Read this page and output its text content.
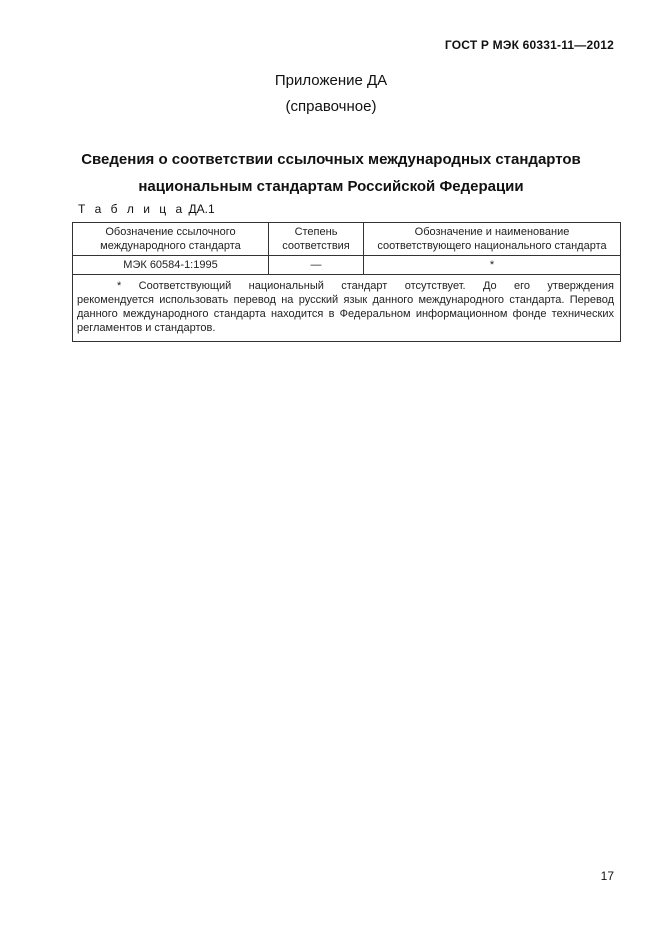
ГОСТ Р МЭК 60331-11—2012
Приложение ДА
(справочное)
Сведения о соответствии ссылочных международных стандартов
национальным стандартам Российской Федерации
Т а б л и ц а ДА.1
Обозначение ссылочного международного стандарта	Степень соответствия	Обозначение и наименование соответствующего национального стандарта
МЭК 60584-1:1995	—	*

* Соответствующий национальный стандарт отсутствует. До его утверждения
рекомендуется использовать перевод на русский язык данного международного стандарта. Перевод данного международного стандарта находится в Федеральном информационном фонде технических регламентов и стандартов.		
17
